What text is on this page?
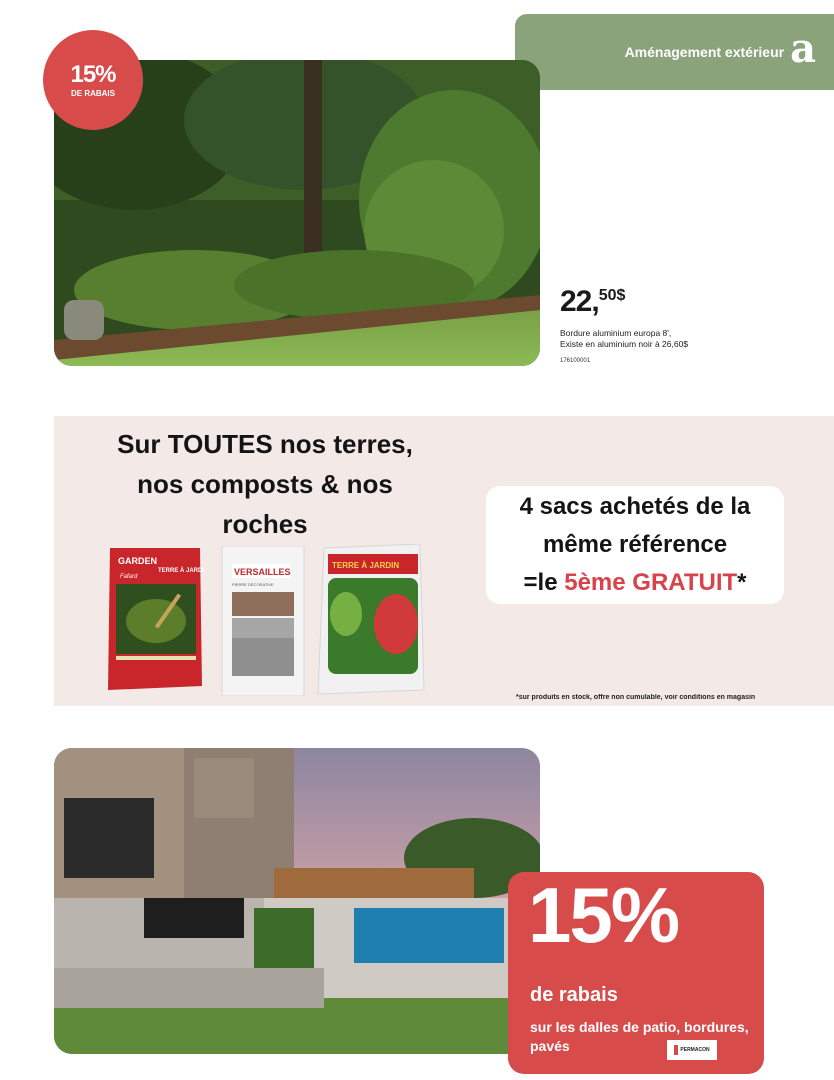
Aménagement extérieur a
15%
DE RABAIS
22,50$
Bordure aluminium europa 8',
Existe en aluminium noir à 26,60$
176100001
Sur TOUTES nos terres,
nos composts & nos
roches
GARDEN
TERRE À JARDIN
Fafard	VERSAILLES
PIERRE DÉCORATIVE
TERRE À JARDIN
4 sacs achetés de la
même référence
=le 5ème GRATUIT*
*sur produits en stock, offre non cumulable, voir conditions en magasin
15%
de rabais
sur les dalles de patio, bordures, pavés	PERMACON
